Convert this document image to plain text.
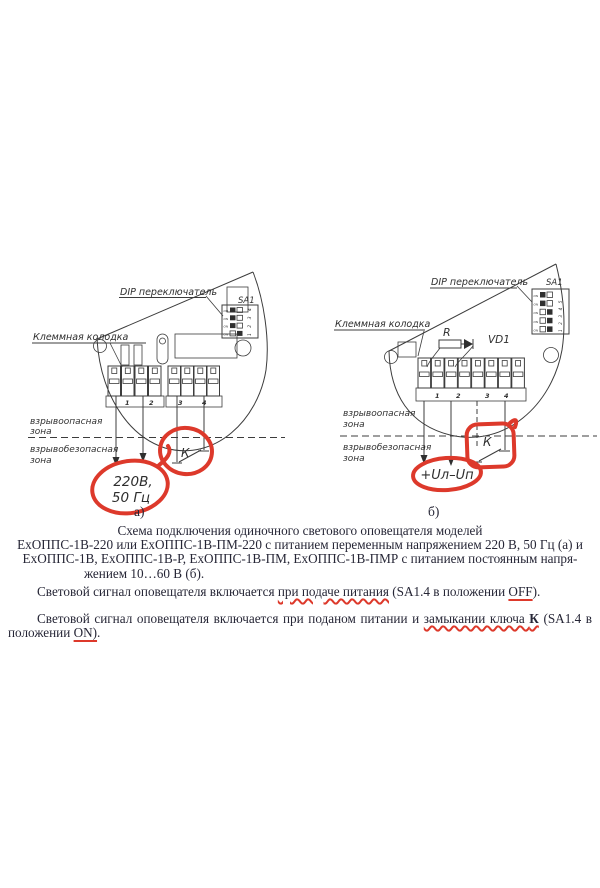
SA1
ON
ON
ON
ON	1 2 3 4
1	2	3	4
DIP переключатель
Клеммная колодка
К
взрывоопасная
зона
взрывобезопасная
зона
220В,
50 Гц
а)
SA1
ON
ON
ON
ON
ON	1 2 3 4 5
R
VD1
1	2	3 4
DIP переключатель
Клеммная колодка
К
взрывоопасная
зона
взрывобезопасная
зона
+Uл–Uп
б)
Схема подключения одиночного светового оповещателя моделей
ЕхОППС-1В-220 или ЕхОППС-1В-ПМ-220 с питанием переменным напряжением 220 В, 50 Гц (а) и
ЕхОППС-1В, ЕхОППС-1В-Р, ЕхОППС-1В-ПМ, ЕхОППС-1В-ПМР с питанием постоянным напря-
жением 10…60 В (б).

Световой сигнал оповещателя включается при подаче питания (SA1.4 в положении OFF).

Световой сигнал оповещателя включается при поданом питании и замыкании ключа К (SA1.4 в положении ON).
